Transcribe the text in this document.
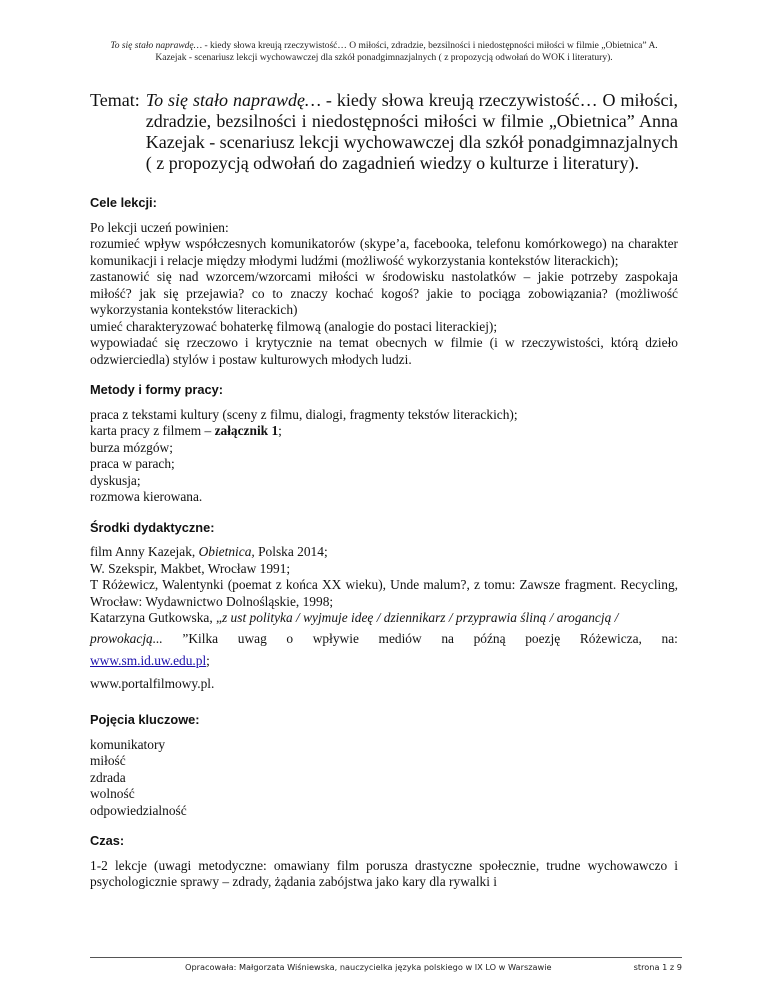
To się stało naprawdę… - kiedy słowa kreują rzeczywistość… O miłości, zdradzie, bezsilności i niedostępności miłości w filmie „Obietnica” A.
Kazejak - scenariusz lekcji wychowawczej dla szkół ponadgimnazjalnych ( z propozycją odwołań do WOK i literatury).
Temat: To się stało naprawdę… - kiedy słowa kreują rzeczywistość… O miłości, zdradzie, bezsilności i niedostępności miłości w filmie „Obietnica” Anna Kazejak - scenariusz lekcji wychowawczej dla szkół ponadgimnazjalnych ( z propozycją odwołań do zagadnień wiedzy o kulturze i literatury).
Cele lekcji:
Po lekcji uczeń powinien:
rozumieć wpływ współczesnych komunikatorów (skype’a, facebooka, telefonu komórkowego) na charakter komunikacji i relacje między młodymi ludźmi (możliwość wykorzystania kontekstów literackich);
zastanowić się nad wzorcem/wzorcami miłości w środowisku nastolatków – jakie potrzeby zaspokaja miłość? jak się przejawia? co to znaczy kochać kogoś? jakie to pociąga zobowiązania? (możliwość wykorzystania kontekstów literackich)
umieć charakteryzować bohaterkę filmową (analogie do postaci literackiej);
wypowiadać się rzeczowo i krytycznie na temat obecnych w filmie (i w rzeczywistości, którą dzieło odzwierciedla) stylów i postaw kulturowych młodych ludzi.
Metody i formy pracy:
praca z tekstami kultury (sceny z filmu, dialogi, fragmenty tekstów literackich);
karta pracy z filmem – załącznik 1;
burza mózgów;
praca w parach;
dyskusja;
rozmowa kierowana.
Środki dydaktyczne:
film Anny Kazejak, Obietnica, Polska 2014;
W. Szekspir, Makbet, Wrocław 1991;
T Różewicz, Walentynki (poemat z końca XX wieku), Unde malum?, z tomu: Zawsze fragment. Recycling, Wrocław: Wydawnictwo Dolnośląskie, 1998;
Katarzyna Gutkowska, „z ust polityka / wyjmuje ideę / dziennikarz / przyprawia śliną / arogancją /
prowokacją... ”Kilka uwag o wpływie mediów na późną poezję Różewicza, na:
www.sm.id.uw.edu.pl;
www.portalfilmowy.pl.
Pojęcia kluczowe:
komunikatory
miłość
zdrada
wolność
odpowiedzialność
Czas:
1-2 lekcje (uwagi metodyczne: omawiany film porusza drastyczne społecznie, trudne wychowawczo i psychologicznie sprawy – zdrady, żądania zabójstwa jako kary dla rywalki i
Opracowała: Małgorzata Wiśniewska, nauczycielka języka polskiego w IX LO w Warszawie	strona 1 z 9
